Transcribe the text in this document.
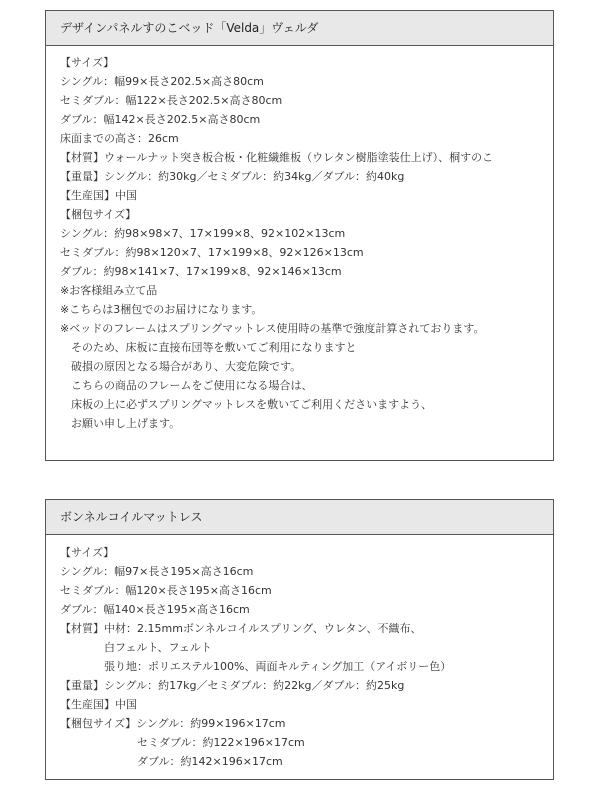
デザインパネルすのこベッド「Velda」ヴェルダ
【サイズ】
シングル：幅99×長さ202.5×高さ80cm
セミダブル：幅122×長さ202.5×高さ80cm
ダブル：幅142×長さ202.5×高さ80cm
床面までの高さ：26cm
【材質】ウォールナット突き板合板・化粧繊維板（ウレタン樹脂塗装仕上げ）、桐すのこ
【重量】シングル：約30kg／セミダブル：約34kg／ダブル：約40kg
【生産国】中国
【梱包サイズ】
シングル：約98×98×7、17×199×8、92×102×13cm
セミダブル：約98×120×7、17×199×8、92×126×13cm
ダブル：約98×141×7、17×199×8、92×146×13cm
※お客様組み立て品
※こちらは3梱包でのお届けになります。
※ベッドのフレームはスプリングマットレス使用時の基準で強度計算されております。
　そのため、床板に直接布団等を敷いてご利用になりますと
　破損の原因となる場合があり、大変危険です。
　こちらの商品のフレームをご使用になる場合は、
　床板の上に必ずスプリングマットレスを敷いてご利用くださいますよう、
　お願い申し上げます。
ボンネルコイルマットレス
【サイズ】
シングル：幅97×長さ195×高さ16cm
セミダブル：幅120×長さ195×高さ16cm
ダブル：幅140×長さ195×高さ16cm
【材質】中材：2.15mmボンネルコイルスプリング、ウレタン、不織布、
　　　　白フェルト、フェルト
　　　　張り地：ポリエステル100%、両面キルティング加工（アイボリー色）
【重量】シングル：約17kg／セミダブル：約22kg／ダブル：約25kg
【生産国】中国
【梱包サイズ】シングル：約99×196×17cm
　　　　　　　セミダブル：約122×196×17cm
　　　　　　　ダブル：約142×196×17cm
